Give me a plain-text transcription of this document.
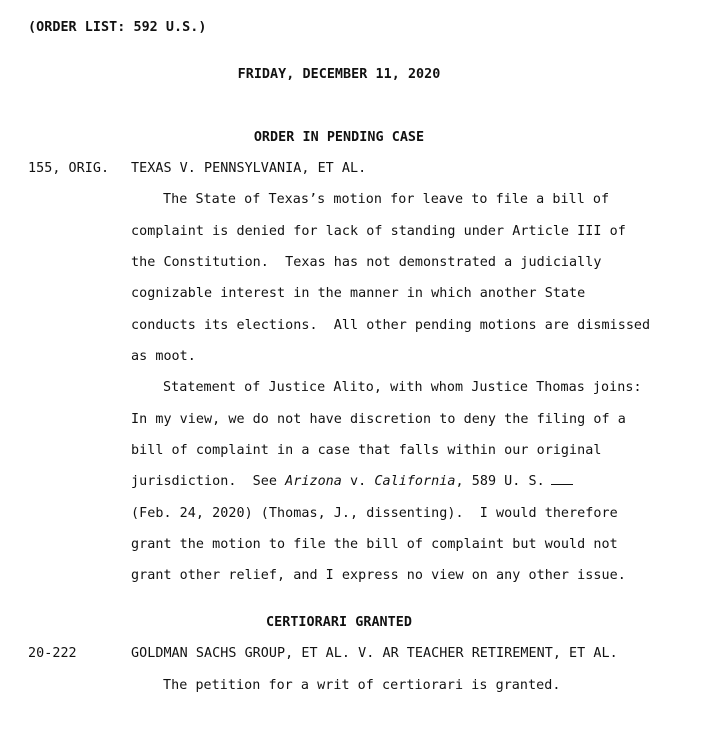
(ORDER LIST: 592 U.S.)
FRIDAY, DECEMBER 11, 2020
ORDER IN PENDING CASE
155, ORIG. TEXAS V. PENNSYLVANIA, ET AL.
The State of Texas’s motion for leave to file a bill of
complaint is denied for lack of standing under Article III of
the Constitution.  Texas has not demonstrated a judicially
cognizable interest in the manner in which another State
conducts its elections.  All other pending motions are dismissed
as moot.
Statement of Justice Alito, with whom Justice Thomas joins:
In my view, we do not have discretion to deny the filing of a
bill of complaint in a case that falls within our original
jurisdiction.  See Arizona v. California, 589 U. S.
(Feb. 24, 2020) (Thomas, J., dissenting).  I would therefore
grant the motion to file the bill of complaint but would not
grant other relief, and I express no view on any other issue.
CERTIORARI GRANTED
20-222	GOLDMAN SACHS GROUP, ET AL. V. AR TEACHER RETIREMENT, ET AL.
The petition for a writ of certiorari is granted.
